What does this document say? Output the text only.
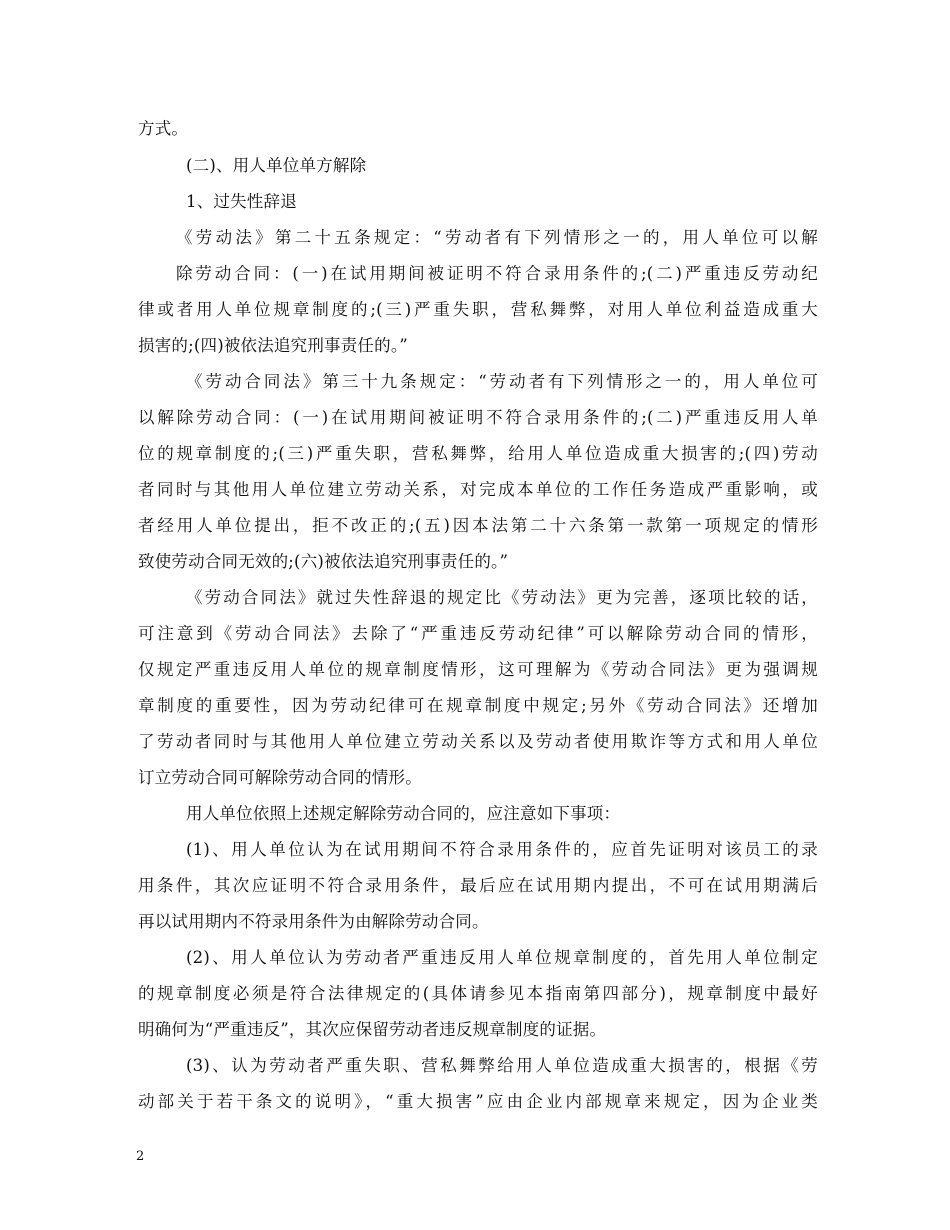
方式。
(二)、用人单位单方解除
1、过失性辞退
《劳动法》第二十五条规定：“劳动者有下列情形之一的，用人单位可以解
除劳动合同：(一)在试用期间被证明不符合录用条件的;(二)严重违反劳动纪
律或者用人单位规章制度的;(三)严重失职，营私舞弊，对用人单位利益造成重大
损害的;(四)被依法追究刑事责任的。”
《劳动合同法》第三十九条规定：“劳动者有下列情形之一的，用人单位可
以解除劳动合同：(一)在试用期间被证明不符合录用条件的;(二)严重违反用人单
位的规章制度的;(三)严重失职，营私舞弊，给用人单位造成重大损害的;(四)劳动
者同时与其他用人单位建立劳动关系，对完成本单位的工作任务造成严重影响，或
者经用人单位提出，拒不改正的;(五)因本法第二十六条第一款第一项规定的情形
致使劳动合同无效的;(六)被依法追究刑事责任的。”
《劳动合同法》就过失性辞退的规定比《劳动法》更为完善，逐项比较的话，
可注意到《劳动合同法》去除了“严重违反劳动纪律”可以解除劳动合同的情形，
仅规定严重违反用人单位的规章制度情形，这可理解为《劳动合同法》更为强调规
章制度的重要性，因为劳动纪律可在规章制度中规定;另外《劳动合同法》还增加
了劳动者同时与其他用人单位建立劳动关系以及劳动者使用欺诈等方式和用人单位
订立劳动合同可解除劳动合同的情形。
用人单位依照上述规定解除劳动合同的，应注意如下事项：
(1)、用人单位认为在试用期间不符合录用条件的，应首先证明对该员工的录
用条件，其次应证明不符合录用条件，最后应在试用期内提出，不可在试用期满后
再以试用期内不符录用条件为由解除劳动合同。
(2)、用人单位认为劳动者严重违反用人单位规章制度的，首先用人单位制定
的规章制度必须是符合法律规定的(具体请参见本指南第四部分)，规章制度中最好
明确何为“严重违反”，其次应保留劳动者违反规章制度的证据。
(3)、认为劳动者严重失职、营私舞弊给用人单位造成重大损害的，根据《劳
动部关于若干条文的说明》，“重大损害”应由企业内部规章来规定，因为企业类
2
